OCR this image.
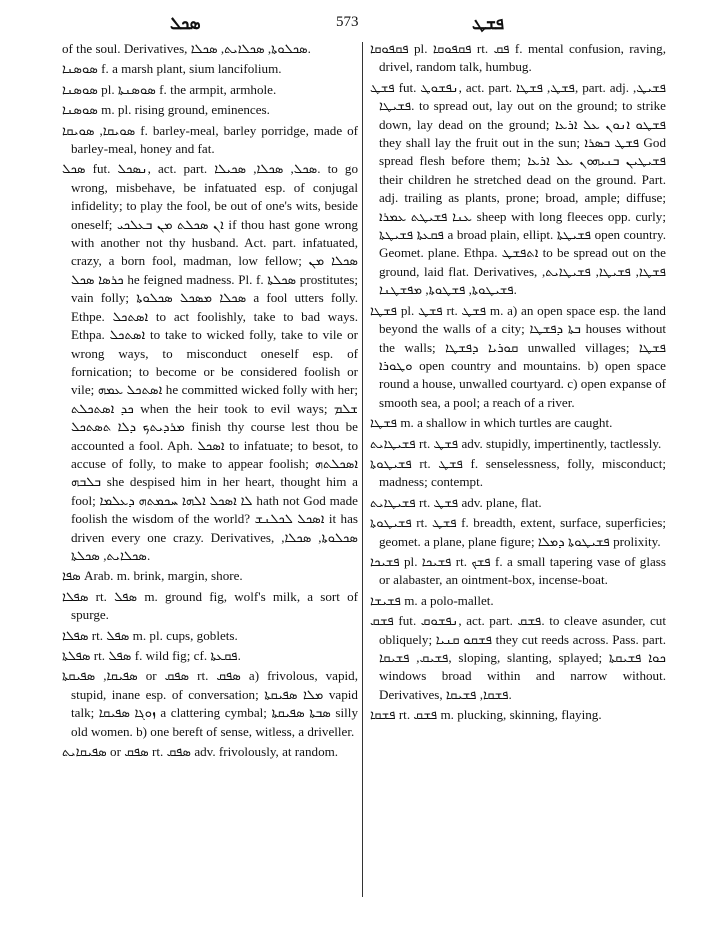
ܣܟܠ	573	ܦܫܛ

of the soul. Derivatives, ܣܟܠܘܬܐ, ܣܟܠܐܝܬ, ܣܟܠܐ.

ܣܘܣܢܐ f. a marsh plant, sium lancifolium.

ܣܘܣܢܐ pl. ܣܘܣܢܬܐ f. the armpit, armhole.

ܣܘܣܢܐ m. pl. rising ground, eminences.

ܣܘܝܩܐ, ܣܘܝܩܐ f. barley-meal, barley porridge, made of barley-meal, honey and fat.

ܣܟܠ fut. ܢܣܟܠ, act. part. ܣܟܠ, ܣܟܠܐ, ܣܟܝܠܐ. to go wrong, misbehave, be infatuated esp. of conjugal infidelity; to play the fool, be out of one's wits, beside oneself; ܐܢ ܣܟܠܬ ܡܢ ܒܥܠܟܝ if thou hast gone wrong with another not thy husband. Act. part. infatuated, crazy, a born fool, madman, low fellow; ܣܟܠܐ ܡܢ ܟܪܣܐ ܣܟܠ he feigned madness. Pl. f. ܣܟܠܬܐ prostitutes; vain folly; ܣܟܠܐ ܡܣܟܠ ܣܟܠܘܬܐ a fool utters folly. Ethpe. ܐܣܬܟܠ to act foolishly, take to bad ways. Ethpa. ܐܣܬܟܠ to take to wicked folly, take to vile or wrong ways, to misconduct oneself esp. of fornication; to become or be considered foolish or vile; ܐܣܬܟܠ ܥܡܗ he committed wicked folly with her; ܟܕ ܐܣܬܟܠܬ when the heir took to evil ways; ܫܠܡ ܡܪܕܝܬܟ ܕܠܐ ܬܣܬܟܠ finish thy course lest thou be accounted a fool. Aph. ܐܣܟܠ to infatuate; to besot, to accuse of folly, to make to appear foolish; ܐܣܟܠܬܗ ܒܠܒܗ she despised him in her heart, thought him a fool; ܠܐ ܐܣܟܠ ܐܠܗܐ ܚܟܡܬܗ ܕܥܠܡܐ hath not God made foolish the wisdom of the world? ܐܣܟܠ ܠܟܠܢܫ it has driven every one crazy. Derivatives, ܣܟܠܘܬܐ, ܣܟܠܐ, ܣܟܠܐܝܬ, ܣܟܠܬܐ.

ܣܦܐ Arab. m. brink, margin, shore.

ܣܦܠܐ rt. ܣܦܠ m. ground fig, wolf's milk, a sort of spurge.

ܣܦܠܐ rt. ܣܦܠ m. pl. cups, goblets.

ܣܦܠܬܐ rt. ܣܦܠ f. wild fig; cf. ܦܩܥܬܐ.

ܣܦܝܩܐ, ܣܦܝܩܬܐ or ܣܦܩ rt. ܣܦܩ a) frivolous, vapid, stupid, inane esp. of conversation; ܡܠܐ ܣܦܝܩܬܐ vapid talk; ܙܘܓܐ ܣܦܝܩܐ a clattering cymbal; ܣܒܬܐ ܣܦܝܩܬܐ silly old women. b) one bereft of sense, witless, a driveller.

ܣܦܝܩܐܝܬ or ܣܦܩ rt. ܣܦܩ adv. frivolously, at random.

ܦܩܦܘܩܐ pl. ܦܩܦܘܩܐ rt. ܦܩ f. mental confusion, raving, drivel, random talk, humbug.

ܦܫܛ fut. ܢܦܫܘܛ, act. part. ܦܫܛ, ܦܫܛܐ, part. adj. ܦܫܝܛ, ܦܫܝܛܐ. to spread out, lay out on the ground; to strike down, lay dead on the ground; ܦܫܛܘ ܐܢܘܢ ܥܠ ܐܪܥܐ they shall lay the fruit out in the sun; ܦܫܛ ܒܣܪܐ God spread flesh before them; ܦܫܝܛܝܢ ܒܢܝܗܘܢ ܥܠ ܐܪܥܐ their children he stretched dead on the ground. Part. adj. trailing as plants, prone; broad, ample; diffuse; ܥܢܐ ܦܫܝܛܬ ܥܡܪܐ sheep with long fleeces opp. curly; ܦܩܥܬܐ ܦܫܝܛܬܐ a broad plain, ellipt. ܦܫܝܛܬܐ open country. Geomet. plane. Ethpa. ܐܬܦܫܛ to be spread out on the ground, laid flat. Derivatives, ܦܫܛܐ, ܦܫܝܛܐ, ܦܫܝܛܐܝܬ, ܦܫܝܛܘܬܐ, ܦܫܛܘܬܐ, ܡܦܫܛܢܐ.

ܦܫܛܐ pl. ܦܫܛ rt. ܦܫܛ m. a) an open space esp. the land beyond the walls of a city; ܒܬܐ ܕܦܫܛܐ houses without the walls; ܩܘܪܝܐ ܕܦܫܛܐ unwalled villages; ܦܫܛܐ ܘܛܘܪܐ open country and mountains. b) open space round a house, unwalled courtyard. c) open expanse of smooth sea, a pool; a reach of a river.

ܦܫܛܐ m. a shallow in which turtles are caught.

ܦܫܝܛܐܝܬ rt. ܦܫܛ adv. stupidly, impertinently, tactlessly.

ܦܫܝܛܘܬܐ rt. ܦܫܛ f. senselessness, folly, misconduct; madness; contempt.

ܦܫܝܛܐܝܬ rt. ܦܫܛ adv. plane, flat.

ܦܫܝܛܘܬܐ rt. ܦܫܛ f. breadth, extent, surface, superficies; geomet. a plane, plane figure; ܦܫܝܛܘܬܐ ܕܡܠܐ prolixity.

ܦܫܝܟܐ pl. ܦܫܝܟܐ rt. ܦܫܟ f. a small tapering vase of glass or alabaster, an ointment-box, incense-boat.

ܦܫܝܫܐ m. a polo-mallet.

ܦܫܩ fut. ܢܦܫܘܩ, act. part. ܦܫܩ. to cleave asunder, cut obliquely; ܦܫܩܘ ܩܢܝܐ they cut reeds across. Pass. part. ܦܫܝܩ, ܦܫܝܩܐ, sloping, slanting, splayed; ܟܘܐ ܦܫܝܩܬܐ windows broad within and narrow without. Derivatives, ܦܫܩܐ, ܦܫܝܩܐ.

ܦܫܩܐ rt. ܦܫܩ m. plucking, skinning, flaying.
